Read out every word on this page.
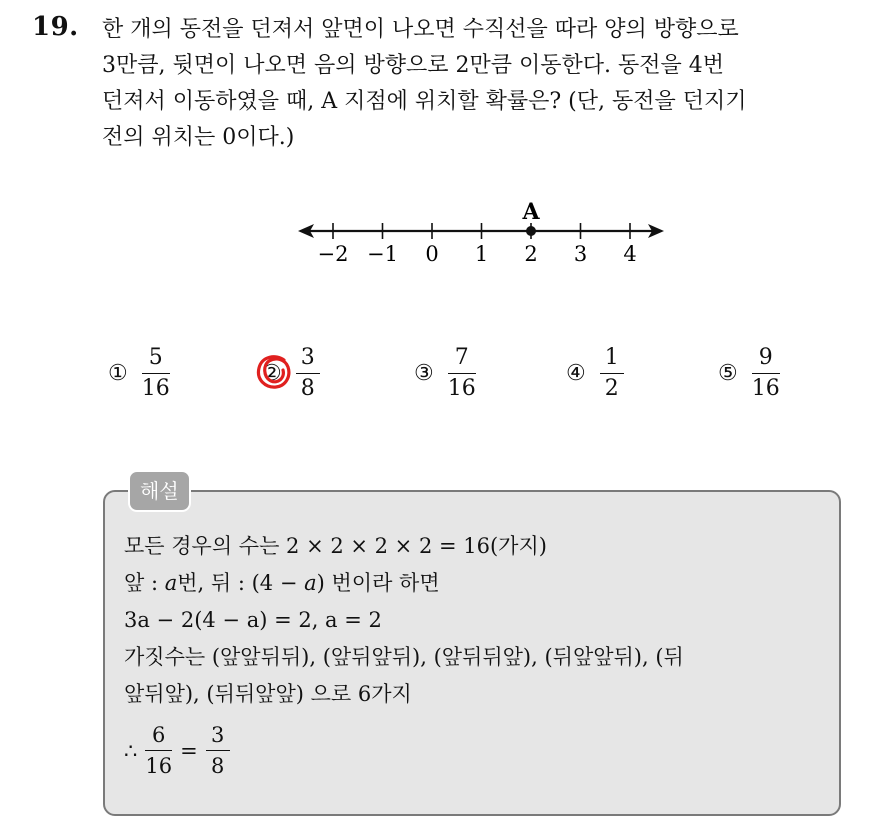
19. 한 개의 동전을 던져서 앞면이 나오면 수직선을 따라 양의 방향으로
3만큼, 뒷면이 나오면 음의 방향으로 2만큼 이동한다. 동전을 4번
던져서 이동하였을 때, A 지점에 위치할 확률은? (단, 동전을 던지기
전의 위치는 0이다.)
−2 −1 0 1 2 3 4
A
① $\frac{5}{16}$	② $\frac{3}{8}$	③ $\frac{7}{16}$	④ $\frac{1}{2}$	⑤ $\frac{9}{16}$
해설
모든 경우의 수는 2 × 2 × 2 × 2 = 16(가지)
앞 : a번, 뒤 : (4 − a) 번이라 하면
3a − 2(4 − a) = 2, a = 2
가짓수는 (앞앞뒤뒤), (앞뒤앞뒤), (앞뒤뒤앞), (뒤앞앞뒤), (뒤
앞뒤앞), (뒤뒤앞앞) 으로 6가지
∴ $\frac{6}{16} = \frac{3}{8}$
